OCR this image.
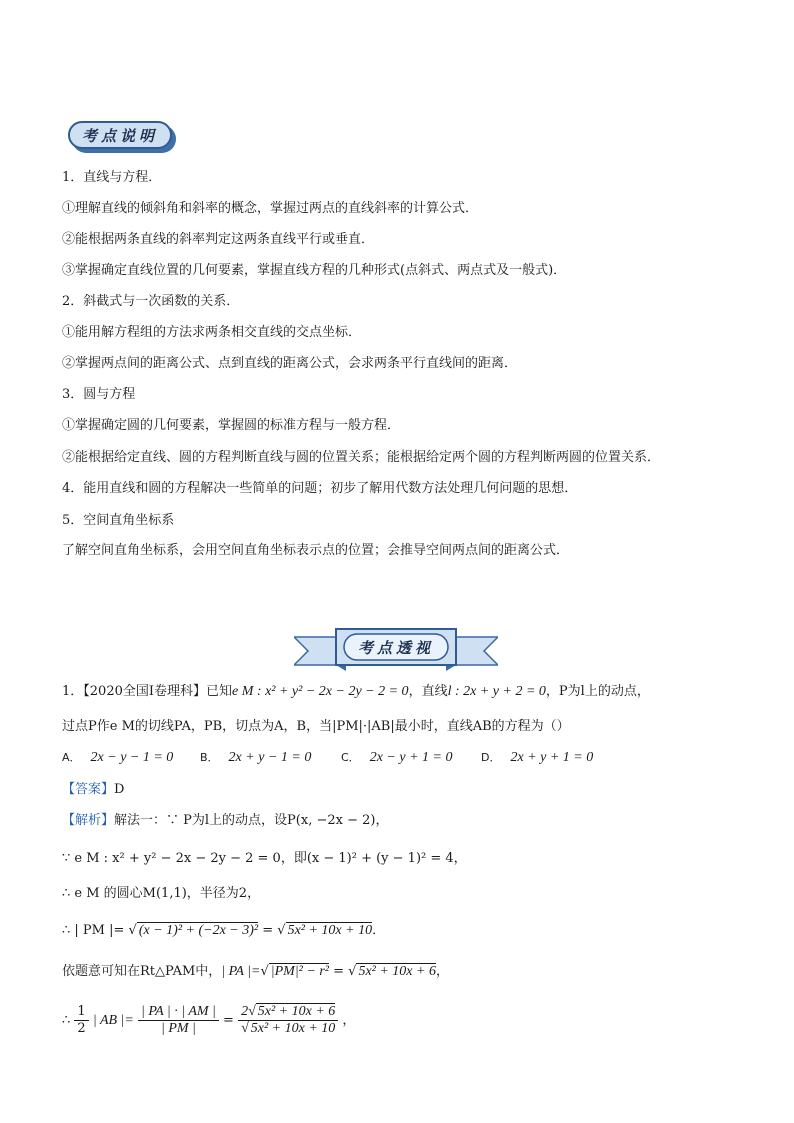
考点说明
1．直线与方程．
①理解直线的倾斜角和斜率的概念，掌握过两点的直线斜率的计算公式．
②能根据两条直线的斜率判定这两条直线平行或垂直．
③掌握确定直线位置的几何要素，掌握直线方程的几种形式(点斜式、两点式及一般式)．
2．斜截式与一次函数的关系．
①能用解方程组的方法求两条相交直线的交点坐标．
②掌握两点间的距离公式、点到直线的距离公式，会求两条平行直线间的距离．
3．圆与方程
①掌握确定圆的几何要素，掌握圆的标准方程与一般方程．
②能根据给定直线、圆的方程判断直线与圆的位置关系；能根据给定两个圆的方程判断两圆的位置关系．
4．能用直线和圆的方程解决一些简单的问题；初步了解用代数方法处理几何问题的思想．
5．空间直角坐标系
了解空间直角坐标系，会用空间直角坐标表示点的位置；会推导空间两点间的距离公式．
考点透视
1．【2020全国Ⅰ卷理科】已知e M : x² + y² − 2x − 2y − 2 = 0，直线l : 2x + y + 2 = 0，P为l上的动点，
过点P作e M的切线PA，PB，切点为A，B，当|PM|·|AB|最小时，直线AB的方程为（）
A． 2x − y − 1 = 0 B． 2x + y − 1 = 0	C． 2x − y + 1 = 0	D． 2x + y + 1 = 0
【答案】D
【解析】解法一：∵ P为l上的动点，设P(x, −2x − 2)，
∵ e M : x² + y² − 2x − 2y − 2 = 0，即(x − 1)² + (y − 1)² = 4，
∴ e M 的圆心M(1,1)，半径为2，
∴ | PM |= √ (x − 1)² + (−2x − 3)² = √ 5x² + 10x + 10．
依题意可知在Rt△PAM中，| PA |=√ |PM|² − r² = √ 5x² + 10x + 6，
∴ $\frac{1}{2}$ | AB |= $\frac{| PA | \cdot | AM |}{| PM |} = \frac{\text{2√ 5x² + 10x + 6}}{\text{√ 5x² + 10x + 10}}$ ，
